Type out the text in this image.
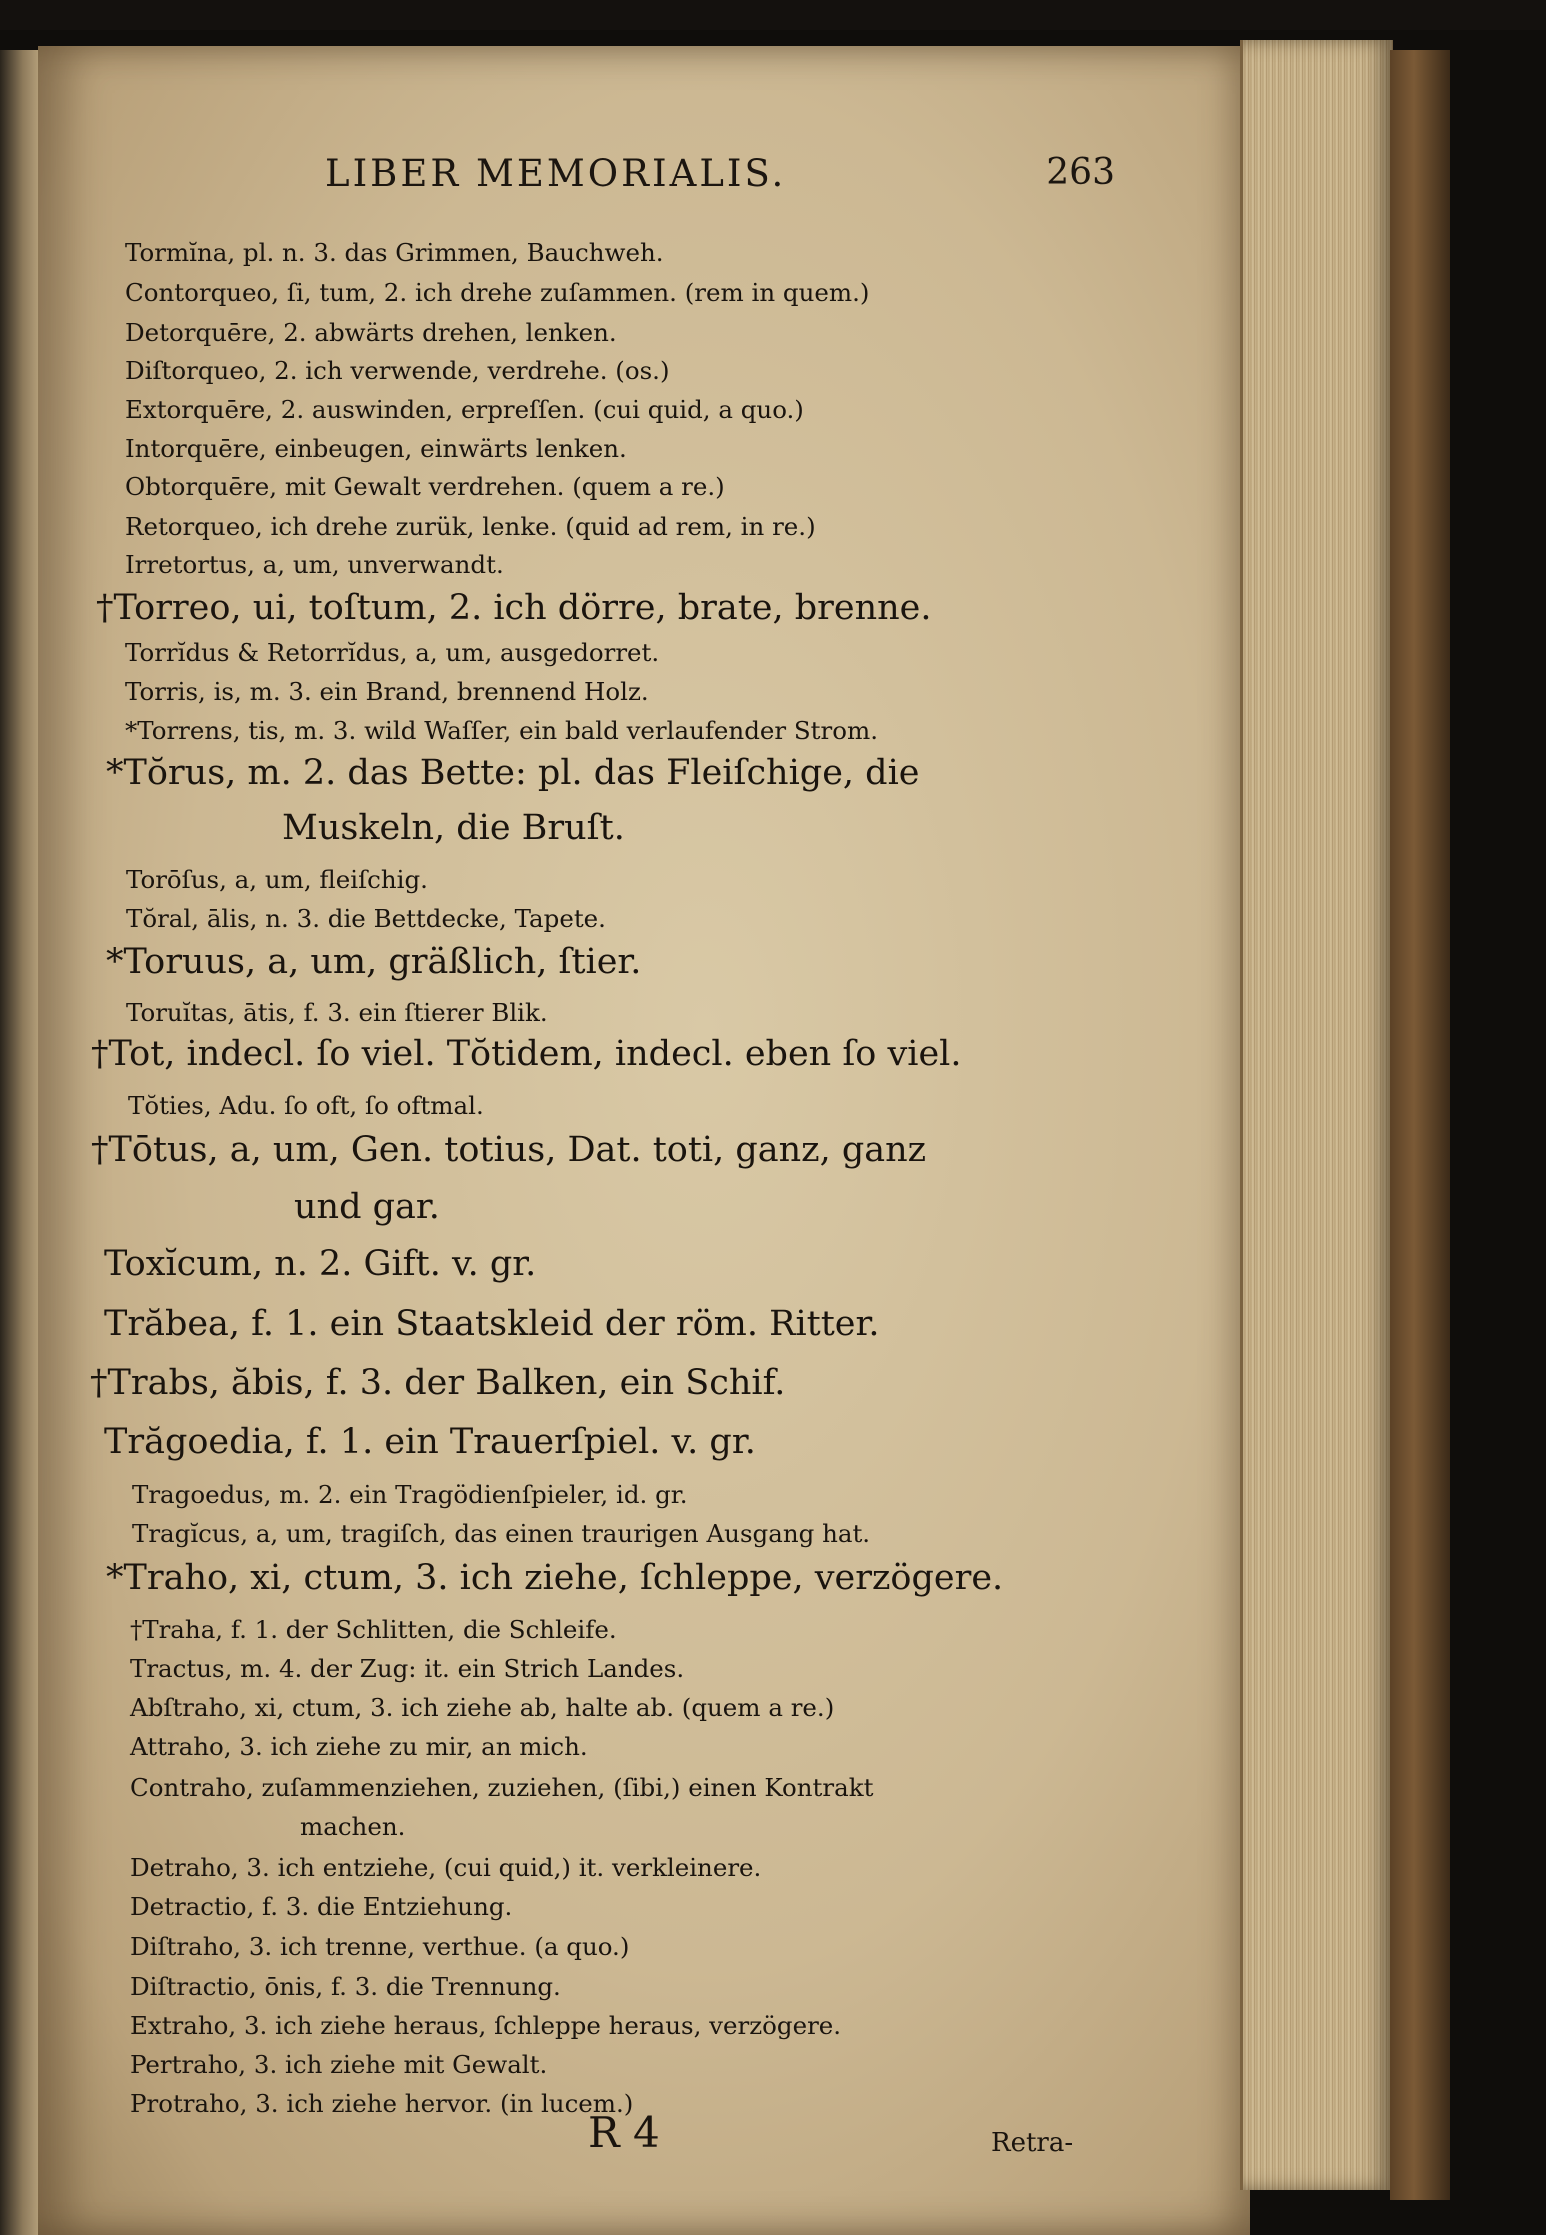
LIBER MEMORIALIS.	263
Tormĭna, pl. n. 3. das Grimmen, Bauchweh.
Contorqueo, ſi, tum, 2. ich drehe zuſammen. (rem in quem.)
Detorquēre, 2. abwärts drehen, lenken.
Diſtorqueo, 2. ich verwende, verdrehe. (os.)
Extorquēre, 2. auswinden, erpreſſen. (cui quid, a quo.)
Intorquēre, einbeugen, einwärts lenken.
Obtorquēre, mit Gewalt verdrehen. (quem a re.)
Retorqueo, ich drehe zurük, lenke. (quid ad rem, in re.)
Irretortus, a, um, unverwandt.
†Torreo, ui, toſtum, 2. ich dörre, brate, brenne.
Torrĭdus & Retorrĭdus, a, um, ausgedorret.
Torris, is, m. 3. ein Brand, brennend Holz.
*Torrens, tis, m. 3. wild Waſſer, ein bald verlaufender Strom.
*Tŏrus, m. 2. das Bette: pl. das Fleiſchige, die
Muskeln, die Bruſt.
Torōſus, a, um, fleiſchig.
Tŏral, ālis, n. 3. die Bettdecke, Tapete.
*Toruus, a, um, gräßlich, ſtier.
Toruĭtas, ātis, f. 3. ein ſtierer Blik.
†Tot, indecl. ſo viel. Tŏtidem, indecl. eben ſo viel.
Tŏties, Adu. ſo oft, ſo oftmal.
†Tōtus, a, um, Gen. totius, Dat. toti, ganz, ganz
und gar.
Toxĭcum, n. 2. Gift. v. gr.
Trăbea, f. 1. ein Staatskleid der röm. Ritter.
†Trabs, ăbis, f. 3. der Balken, ein Schif.
Trăgoedia, f. 1. ein Trauerſpiel. v. gr.
Tragoedus, m. 2. ein Tragödienſpieler, id. gr.
Tragĭcus, a, um, tragiſch, das einen traurigen Ausgang hat.
*Traho, xi, ctum, 3. ich ziehe, ſchleppe, verzögere.
†Traha, f. 1. der Schlitten, die Schleife.
Tractus, m. 4. der Zug: it. ein Strich Landes.
Abſtraho, xi, ctum, 3. ich ziehe ab, halte ab. (quem a re.)
Attraho, 3. ich ziehe zu mir, an mich.
Contraho, zuſammenziehen, zuziehen, (ſibi,) einen Kontrakt
machen.
Detraho, 3. ich entziehe, (cui quid,) it. verkleinere.
Detractio, f. 3. die Entziehung.
Diſtraho, 3. ich trenne, verthue. (a quo.)
Diſtractio, ōnis, f. 3. die Trennung.
Extraho, 3. ich ziehe heraus, ſchleppe heraus, verzögere.
Pertraho, 3. ich ziehe mit Gewalt.
Protraho, 3. ich ziehe hervor. (in lucem.)
R 4	Retra-
